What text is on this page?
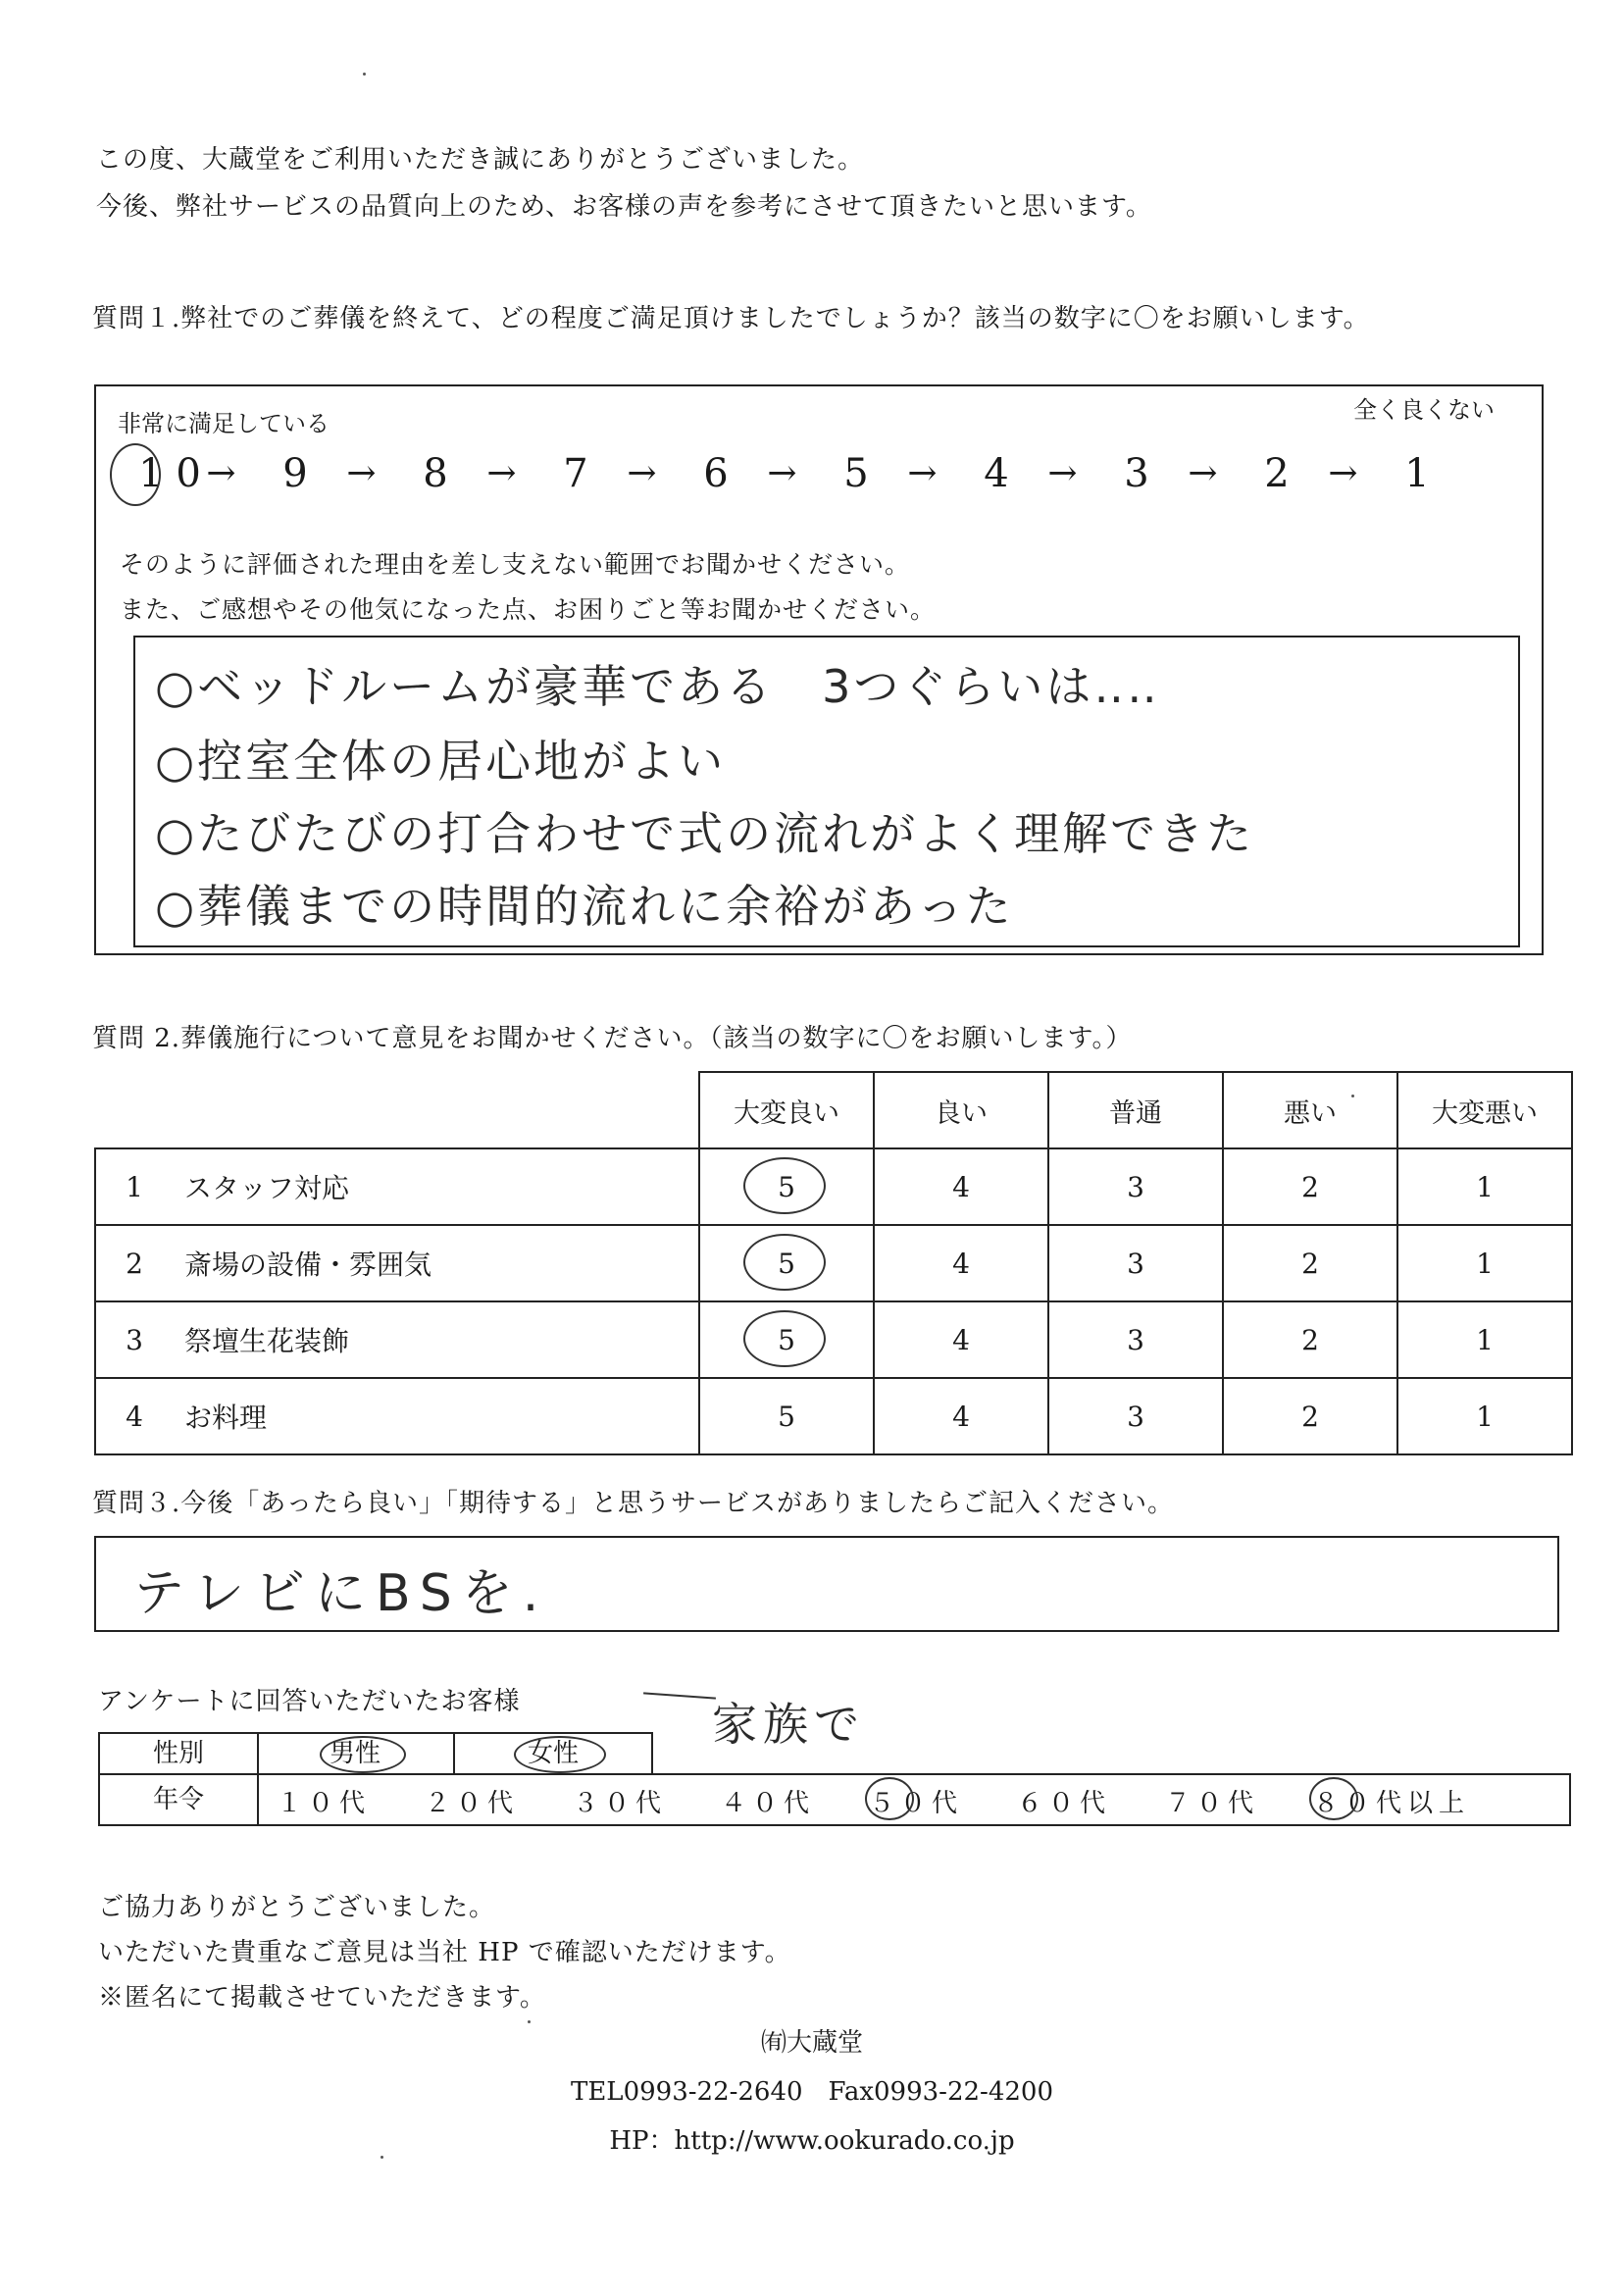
この度、大蔵堂をご利用いただき誠にありがとうございました。
今後、弊社サービスの品質向上のため、お客様の声を参考にさせて頂きたいと思います。
質問１.弊社でのご葬儀を終えて、どの程度ご満足頂けましたでしょうか？該当の数字に〇をお願いします。
非常に満足している	全く良くない
1 0 →	9	→	8	→	7	→	6	→	5	→	4	→	3	→	2	→	1
そのように評価された理由を差し支えない範囲でお聞かせください。
また、ご感想やその他気になった点、お困りごと等お聞かせください。
○ベッドルームが豪華である　3つぐらいは‥‥
○控室全体の居心地がよい
○たびたびの打合わせで式の流れがよく理解できた
○葬儀までの時間的流れに余裕があった
質問 2.葬儀施行について意見をお聞かせください。（該当の数字に〇をお願いします。）
		大変良い	良い	普通	悪い	大変悪い
1	スタッフ対応	5	4	3	2	1
2	斎場の設備・雰囲気	5	4	3	2	1
3	祭壇生花装飾	5	4	3	2	1
4	お料理	5	4	3	2	1
質問３.今後「あったら良い」「期待する」と思うサービスがありましたらご記入ください。
テレビにBSを.
アンケートに回答いただいたお客様	家族で
性別	男性	女性
年令	１０代 ２０代 ３０代 ４０代 ５０代 ６０代 ７０代 ８０代以上
ご協力ありがとうございました。
いただいた貴重なご意見は当社 HP で確認いただけます。
※匿名にて掲載させていただきます。
㈲大蔵堂
TEL0993-22-2640　Fax0993-22-4200
HP：http://www.ookurado.co.jp
